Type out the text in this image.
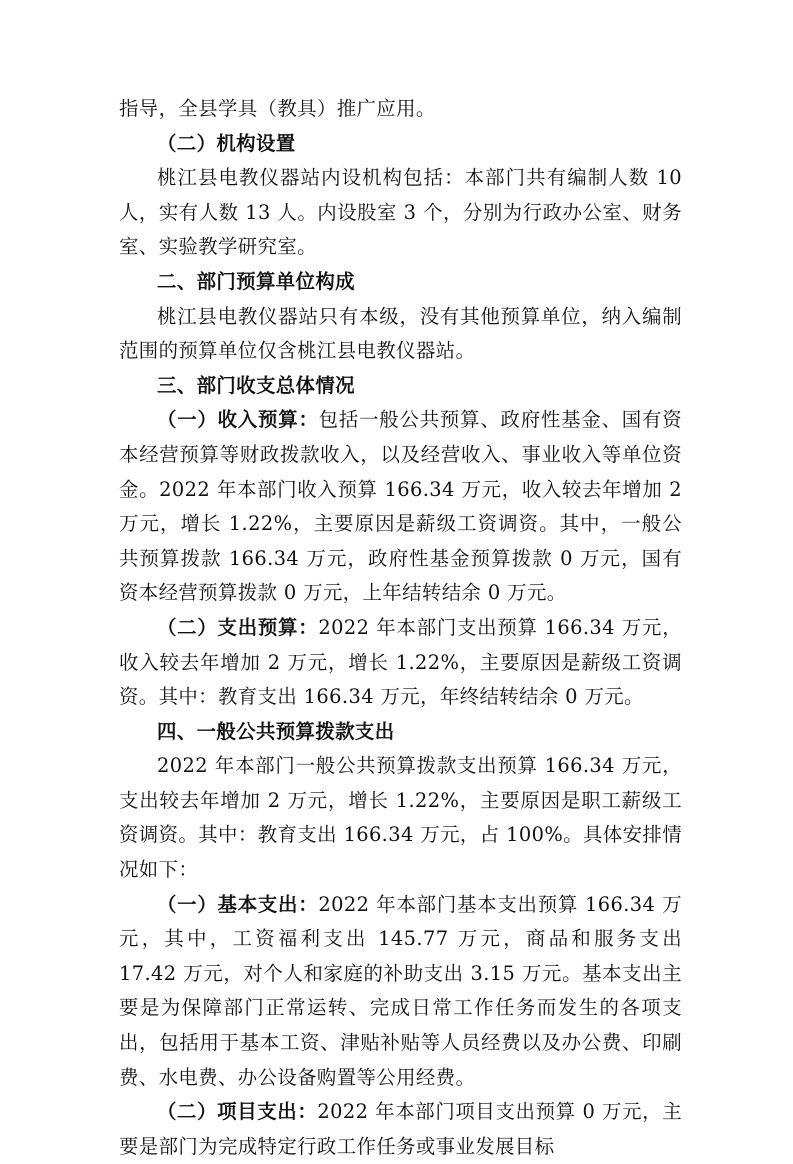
指导，全县学具（教具）推广应用。

（二）机构设置

桃江县电教仪器站内设机构包括：本部门共有编制人数 10 人，实有人数 13 人。内设股室 3 个，分别为行政办公室、财务室、实验教学研究室。

二、部门预算单位构成

桃江县电教仪器站只有本级，没有其他预算单位，纳入编制范围的预算单位仅含桃江县电教仪器站。

三、部门收支总体情况

（一）收入预算：包括一般公共预算、政府性基金、国有资本经营预算等财政拨款收入，以及经营收入、事业收入等单位资金。2022 年本部门收入预算 166.34 万元，收入较去年增加 2 万元，增长 1.22%，主要原因是薪级工资调资。其中，一般公共预算拨款 166.34 万元，政府性基金预算拨款 0 万元，国有资本经营预算拨款 0 万元，上年结转结余 0 万元。

（二）支出预算：2022 年本部门支出预算 166.34 万元，收入较去年增加 2 万元，增长 1.22%，主要原因是薪级工资调资。其中：教育支出 166.34 万元，年终结转结余 0 万元。

四、一般公共预算拨款支出

2022 年本部门一般公共预算拨款支出预算 166.34 万元，支出较去年增加 2 万元，增长 1.22%，主要原因是职工薪级工资调资。其中：教育支出 166.34 万元，占 100%。具体安排情况如下：

（一）基本支出：2022 年本部门基本支出预算 166.34 万元，其中，工资福利支出 145.77 万元，商品和服务支出 17.42 万元，对个人和家庭的补助支出 3.15 万元。基本支出主要是为保障部门正常运转、完成日常工作任务而发生的各项支出，包括用于基本工资、津贴补贴等人员经费以及办公费、印刷费、水电费、办公设备购置等公用经费。

（二）项目支出：2022 年本部门项目支出预算 0 万元，主要是部门为完成特定行政工作任务或事业发展目标
